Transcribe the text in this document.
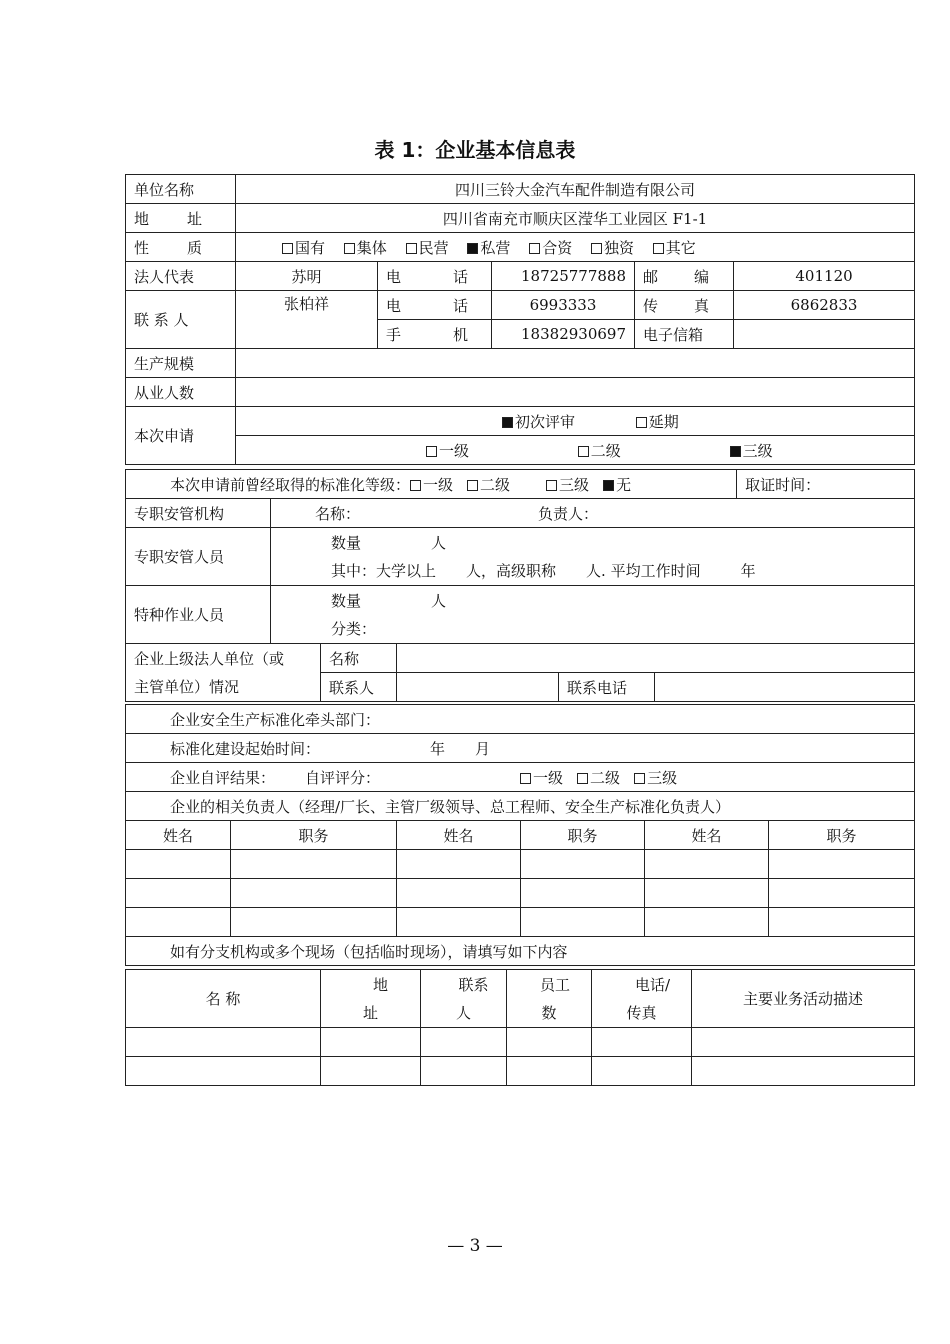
表 1：企业基本信息表
单位名称	四川三铃大金汽车配件制造有限公司				
地 址	四川省南充市顺庆区滢华工业园区 F1-1				
性 质	国有 集体 民营 私营 合资 独资 其它				
法人代表	苏明	电 话	18725777888	邮 编	401120
联 系 人	张柏祥	电 话	6993333	传 真	6862833
		手 机	18382930697	电子信箱	
生产规模					
从业人数					
本次申请	初次评审 延期				
	一级 二级 三级				
本次申请前曾经取得的标准化等级： 一级 二级 三级 无						取证时间：
专职安管机构	名称： 负责人：					
专职安管人员	数量 人					
	其中：大学以上 人，高级职称 人. 平均工作时间 年					
特种作业人员	数量 人					
	分类：					
企业上级法人单位（或		名称				
主管单位）情况		联系人		联系电话		
企业安全生产标准化牵头部门：					
标准化建设起始时间： 年 月					
企业自评结果： 自评评分： 一级 二级 三级					
企业的相关负责人（经理/厂长、主管厂级领导、总工程师、安全生产标准化负责人）					
姓名	职务	姓名	职务	姓名	职务

如有分支机构或多个现场（包括临时现场），请填写如下内容					
名 称	地	联系	员工	电话/	主要业务活动描述
	址	人	数	传真	

— 3 —
